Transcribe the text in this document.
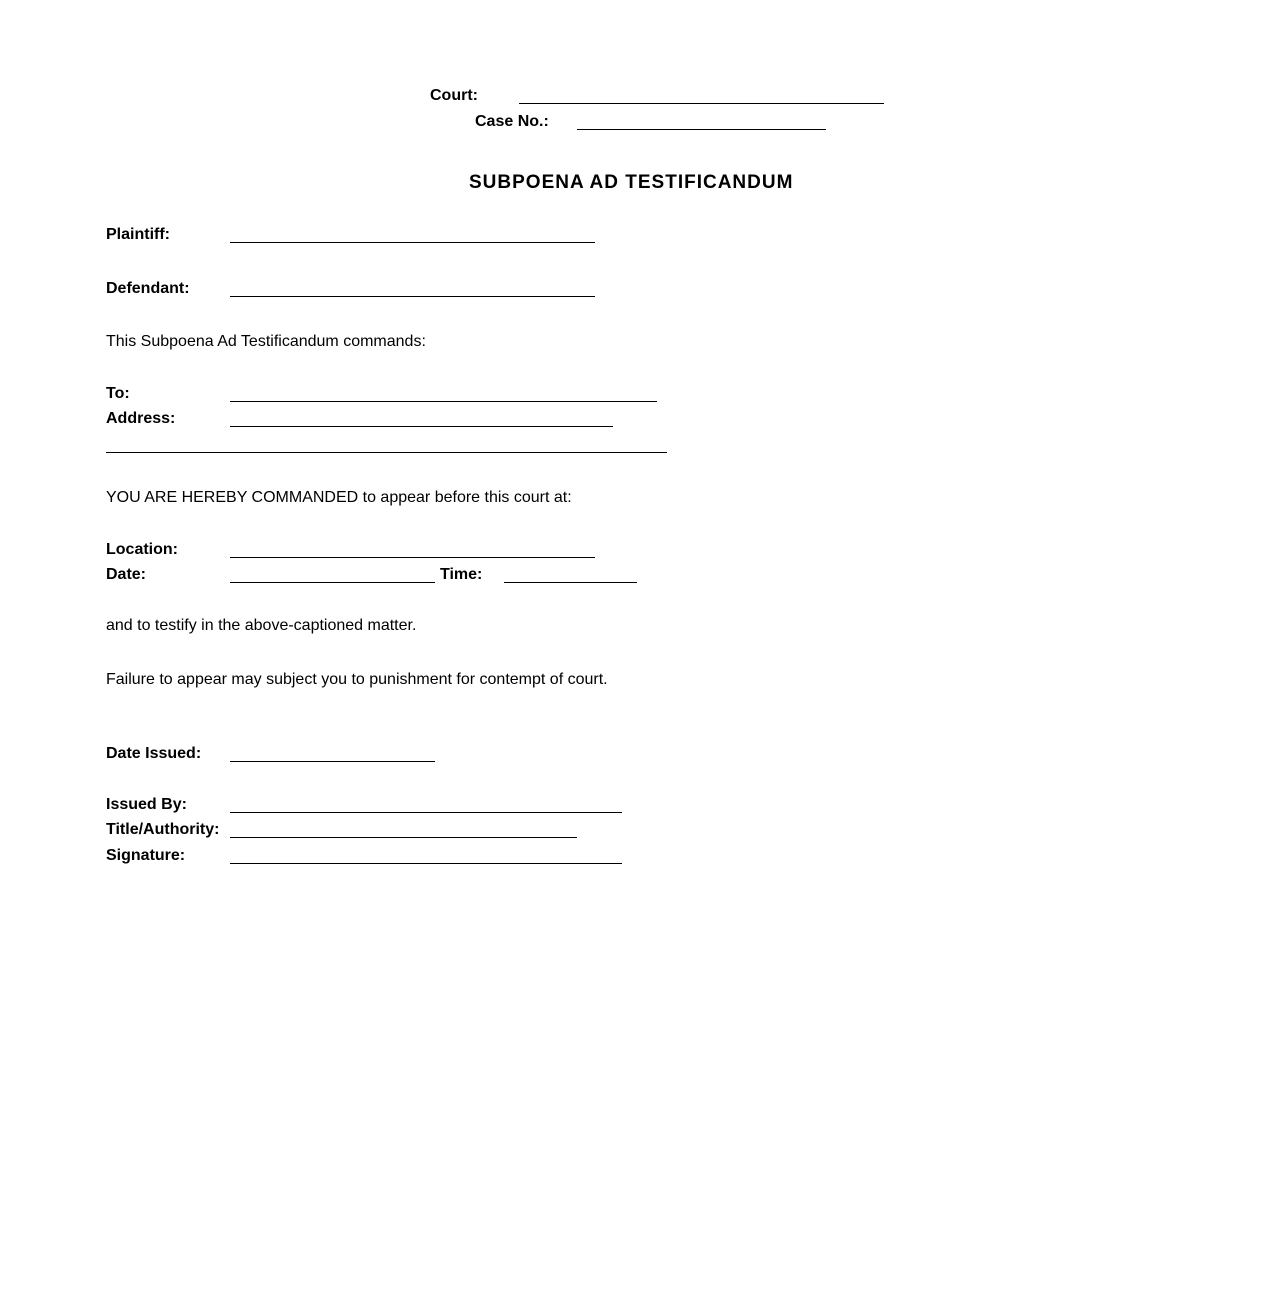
Court:
Case No.:
SUBPOENA AD TESTIFICANDUM
Plaintiff:
Defendant:
This Subpoena Ad Testificandum commands:
To:
Address:
YOU ARE HEREBY COMMANDED to appear before this court at:
Location:
Date:	Time:
and to testify in the above-captioned matter.
Failure to appear may subject you to punishment for contempt of court.
Date Issued:
Issued By:
Title/Authority:
Signature:
